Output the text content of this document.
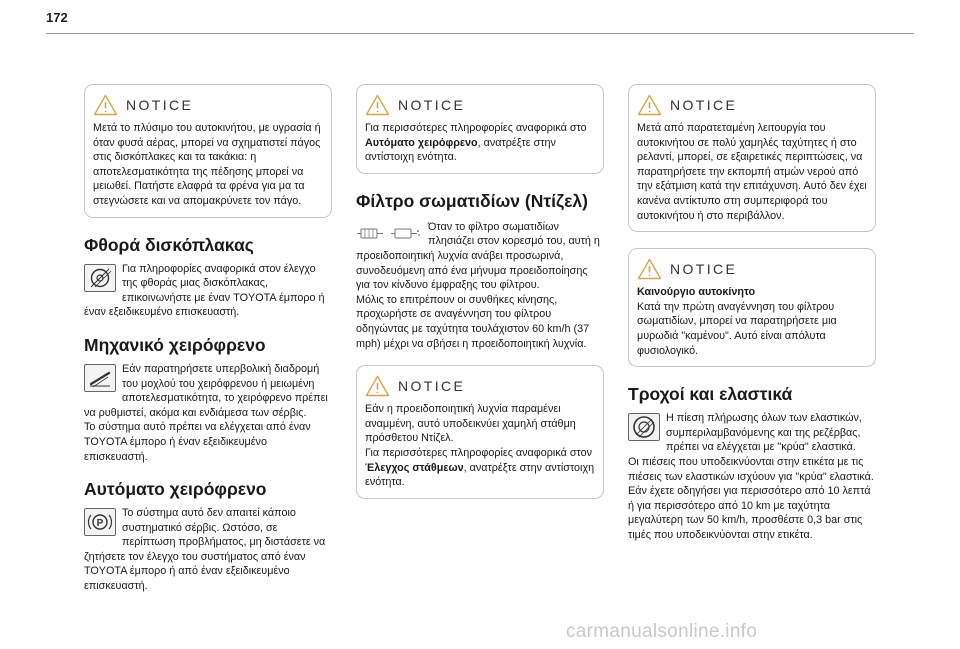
172
NOTICE

Μετά το πλύσιμο του αυτοκινήτου, με υγρασία ή όταν φυσά αέρας, μπορεί να σχηματιστεί πάγος στις δισκόπλακες και τα τακάκια: η αποτελεσματικότητα της πέδησης μπορεί να μειωθεί. Πατήστε ελαφρά τα φρένα για μα τα στεγνώσετε και να απομακρύνετε τον πάγο.

Φθορά δισκόπλακας

Για πληροφορίες αναφορικά στον έλεγχο της φθοράς μιας δισκόπλακας, επικοινωνήστε με έναν TOYOTA έμπορο ή έναν εξειδικευμένο επισκευαστή.

Μηχανικό χειρόφρενο

Εάν παρατηρήσετε υπερβολική διαδρομή του μοχλού του χειρόφρενου ή μειωμένη αποτελεσματικότητα, το χειρόφρενο πρέπει να ρυθμιστεί, ακόμα και ενδιάμεσα των σέρβις.

Το σύστημα αυτό πρέπει να ελέγχεται από έναν TOYOTA έμπορο ή έναν εξειδικευμένο επισκευαστή.

Αυτόματο χειρόφρενο
P

Το σύστημα αυτό δεν απαιτεί κάποιο συστηματικό σέρβις. Ωστόσο, σε περίπτωση προβλήματος, μη διστάσετε να ζητήσετε τον έλεγχο του συστήματος από έναν TOYOTA έμπορο ή από έναν εξειδικευμένο επισκευαστή.

NOTICE

Για περισσότερες πληροφορίες αναφορικά στο Αυτόματο χειρόφρενο, ανατρέξτε στην αντίστοιχη ενότητα.

Φίλτρο σωματιδίων (Ντίζελ)

Όταν το φίλτρο σωματιδίων πλησιάζει στον κορεσμό του, αυτή η προειδοποιητική λυχνία ανάβει προσωρινά, συνοδευόμενη από ένα μήνυμα προειδοποίησης για τον κίνδυνο έμφραξης του φίλτρου.

Μόλις το επιτρέπουν οι συνθήκες κίνησης, προχωρήστε σε αναγέννηση του φίλτρου οδηγώντας με ταχύτητα τουλάχιστον 60 km/h (37 mph) μέχρι να σβήσει η προειδοποιητική λυχνία.

NOTICE

Εάν η προειδοποιητική λυχνία παραμένει αναμμένη, αυτό υποδεικνύει χαμηλή στάθμη πρόσθετου Ντίζελ.

Για περισσότερες πληροφορίες αναφορικά στον Έλεγχος στάθμεων, ανατρέξτε στην αντίστοιχη ενότητα.

NOTICE

Μετά από παρατεταμένη λειτουργία του αυτοκινήτου σε πολύ χαμηλές ταχύτητες ή στο ρελαντί, μπορεί, σε εξαιρετικές περιπτώσεις, να παρατηρήσετε την εκπομπή ατμών νερού από την εξάτμιση κατά την επιτάχυνση. Αυτό δεν έχει κανένα αντίκτυπο στη συμπεριφορά του αυτοκινήτου ή στο περιβάλλον.

NOTICE

Καινούργιο αυτοκίνητο

Κατά την πρώτη αναγέννηση του φίλτρου σωματιδίων, μπορεί να παρατηρήσετε μια μυρωδιά "καμένου". Αυτό είναι απόλυτα φυσιολογικό.

Τροχοί και ελαστικά

Η πίεση πλήρωσης όλων των ελαστικών, συμπεριλαμβανόμενης και της ρεζέρβας, πρέπει να ελέγχεται με "κρύα" ελαστικά.

Οι πιέσεις που υποδεικνύονται στην ετικέτα με τις πιέσεις των ελαστικών ισχύουν για "κρύα" ελαστικά.

Εάν έχετε οδηγήσει για περισσότερο από 10 λεπτά ή για περισσότερο από 10 km με ταχύτητα μεγαλύτερη των 50 km/h, προσθέστε 0,3 bar στις τιμές που υποδεικνύονται στην ετικέτα.

carmanualsonline.info
